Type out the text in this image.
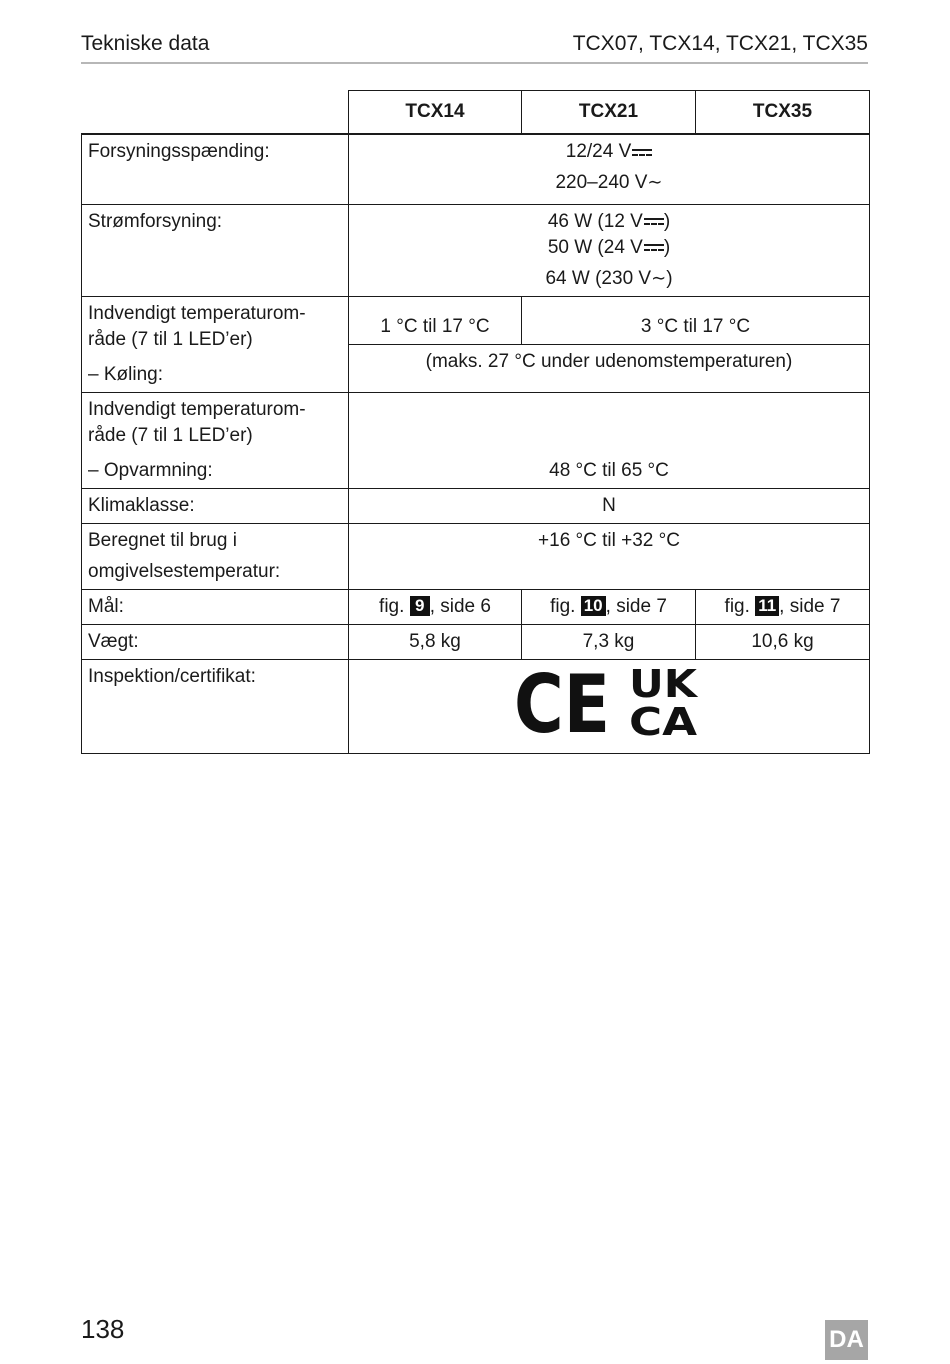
Tekniske data	TCX07, TCX14, TCX21, TCX35
	TCX14	TCX21	TCX35
Forsyningsspænding:	12/24 V
220–240 V∼		

Strømforsyning:	46 W (12 V )
50 W (24 V )
64 W (230 V∼)		

Indvendigt temperaturom-
råde (7 til 1 LED’er)
– Køling:	1 °C til 17 °C	3 °C til 17 °C	
	(maks. 27 °C under udenomstemperaturen)		

Indvendigt temperaturom-
råde (7 til 1 LED’er)
– Opvarmning:	48 °C til 65 °C		
Klimaklasse:	N		

Beregnet til brug i
omgivelsestemperatur:	+16 °C til +32 °C		
Mål:	fig. 9 , side 6	fig. 10 , side 7	fig. 11 , side 7
Vægt:	5,8 kg	7,3 kg	10,6 kg
Inspektion/certifikat:	CE UK
CA		
138	DA
